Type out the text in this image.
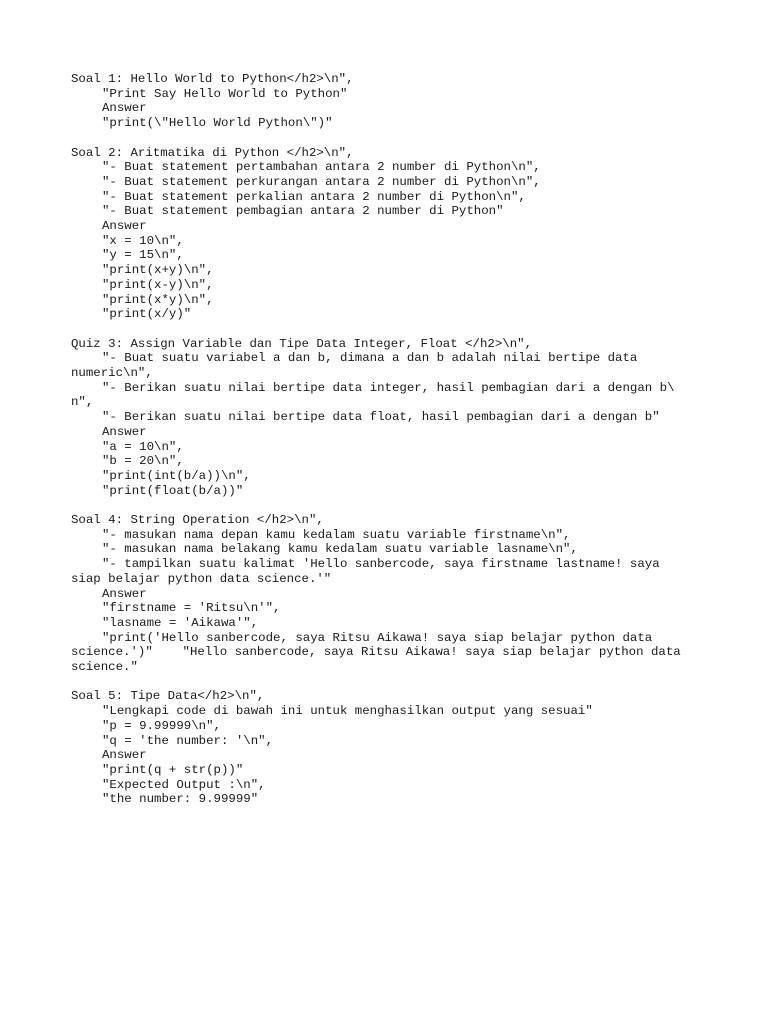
Soal 1: Hello World to Python</h2>\n",
"Print Say Hello World to Python"
Answer
"print(\"Hello World Python\")"
Soal 2: Aritmatika di Python </h2>\n",
"- Buat statement pertambahan antara 2 number di Python\n",
"- Buat statement perkurangan antara 2 number di Python\n",
"- Buat statement perkalian antara 2 number di Python\n",
"- Buat statement pembagian antara 2 number di Python"
Answer
"x = 10\n",
"y = 15\n",
"print(x+y)\n",
"print(x-y)\n",
"print(x*y)\n",
"print(x/y)"
Quiz 3: Assign Variable dan Tipe Data Integer, Float </h2>\n",
"- Buat suatu variabel a dan b, dimana a dan b adalah nilai bertipe data
numeric\n",
"- Berikan suatu nilai bertipe data integer, hasil pembagian dari a dengan b\
n",
"- Berikan suatu nilai bertipe data float, hasil pembagian dari a dengan b"
Answer
"a = 10\n",
"b = 20\n",
"print(int(b/a))\n",
"print(float(b/a))"
Soal 4: String Operation </h2>\n",
"- masukan nama depan kamu kedalam suatu variable firstname\n",
"- masukan nama belakang kamu kedalam suatu variable lasname\n",
"- tampilkan suatu kalimat 'Hello sanbercode, saya firstname lastname! saya
siap belajar python data science.'"
Answer
"firstname = 'Ritsu\n'",
"lasname = 'Aikawa'",
"print('Hello sanbercode, saya Ritsu Aikawa! saya siap belajar python data
science.')"    "Hello sanbercode, saya Ritsu Aikawa! saya siap belajar python data
science."
Soal 5: Tipe Data</h2>\n",
"Lengkapi code di bawah ini untuk menghasilkan output yang sesuai"
"p = 9.99999\n",
"q = 'the number: '\n",
Answer
"print(q + str(p))"
"Expected Output :\n",
"the number: 9.99999"
